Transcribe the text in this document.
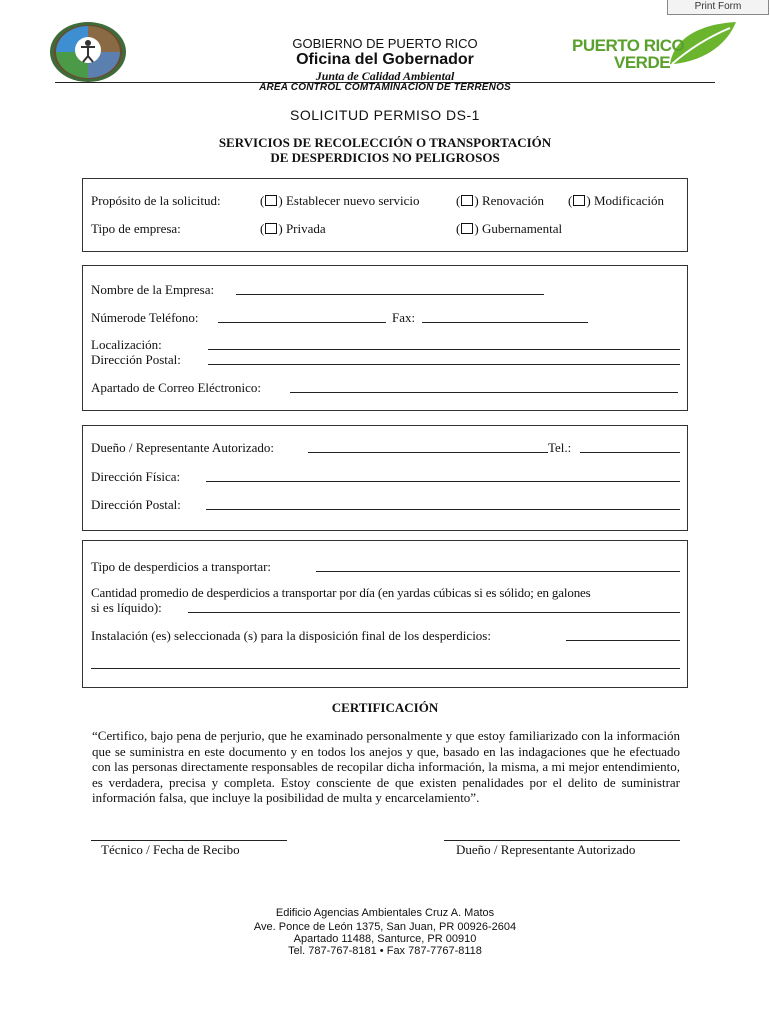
Print Form
PUERTO RICO
VERDE
GOBIERNO DE PUERTO RICO
Oficina del Gobernador
Junta de Calidad Ambiental
AREA CONTROL COMTAMINACION DE TERRENOS
SOLICITUD PERMISO DS-1
SERVICIOS DE RECOLECCIÓN O TRANSPORTACIÓN
DE DESPERDICIOS NO PELIGROSOS
Propósito de la solicitud:	( ) Establecer nuevo servicio	( ) Renovación ( ) Modificación
Tipo de empresa:	( ) Privada	( ) Gubernamental
Nombre de la Empresa:
Númerode Teléfono:	Fax:
Localización:
Dirección Postal:
Apartado de Correo Eléctronico:
Dueño / Representante Autorizado:	Tel.:
Dirección Física:
Dirección Postal:
Tipo de desperdicios a transportar:
Cantidad promedio de desperdicios a transportar por día (en yardas cúbicas si es sólido; en galones
si es líquido):
Instalación (es) seleccionada (s) para la disposición final de los desperdicios:
CERTIFICACIÓN
“Certifico, bajo pena de perjurio, que he examinado personalmente y que estoy familiarizado con la información que se suministra en este documento y en todos los anejos y que, basado en las indagaciones que he efectuado con las personas directamente responsables de recopilar dicha información, la misma, a mi mejor entendimiento, es verdadera, precisa y completa. Estoy consciente de que existen penalidades por el delito de suministrar información falsa, que incluye la posibilidad de multa y encarcelamiento”.
Técnico / Fecha de Recibo	Dueño / Representante Autorizado
Edificio Agencias Ambientales Cruz A. Matos
Ave. Ponce de León 1375, San Juan, PR 00926-2604
Apartado 11488, Santurce, PR 00910
Tel. 787-767-8181 • Fax 787-7767-8118
